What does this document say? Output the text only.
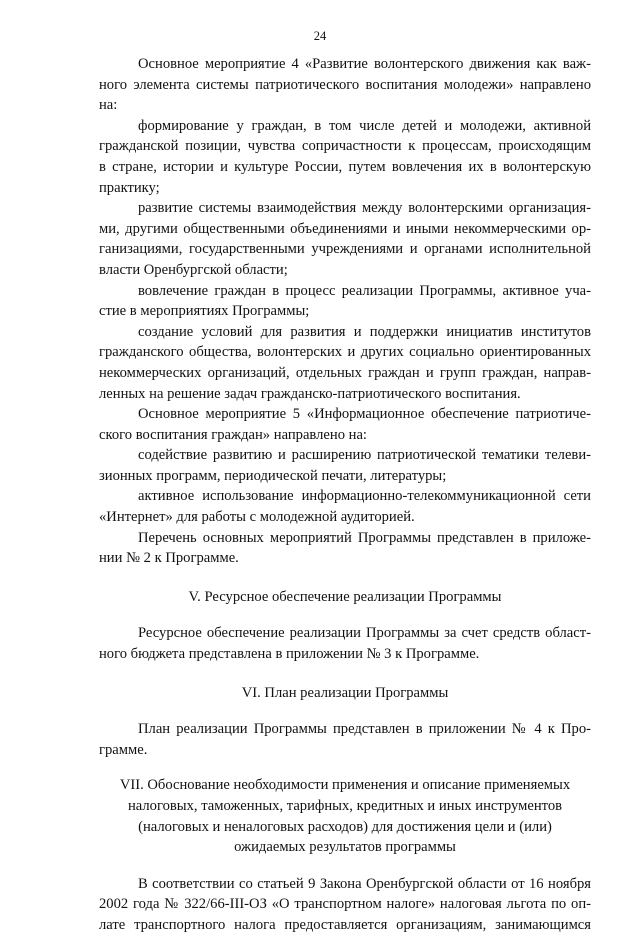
24
Основное мероприятие 4 «Развитие волонтерского движения как важ-
ного элемента системы патриотического воспитания молодежи» направлено
на:
формирование у граждан, в том числе детей и молодежи, активной
гражданской позиции, чувства сопричастности к процессам, происходящим
в стране, истории и культуре России, путем вовлечения их в волонтерскую
практику;
развитие системы взаимодействия между волонтерскими организация-
ми, другими общественными объединениями и иными некоммерческими ор-
ганизациями, государственными учреждениями и органами исполнительной
власти Оренбургской области;
вовлечение граждан в процесс реализации Программы, активное уча-
стие в мероприятиях Программы;
создание условий для развития и поддержки инициатив институтов
гражданского общества, волонтерских и других социально ориентированных
некоммерческих организаций, отдельных граждан и групп граждан, направ-
ленных на решение задач гражданско-патриотического воспитания.
Основное мероприятие 5 «Информационное обеспечение патриотиче-
ского воспитания граждан» направлено на:
содействие развитию и расширению патриотической тематики телеви-
зионных программ, периодической печати, литературы;
активное использование информационно-телекоммуникационной сети
«Интернет» для работы с молодежной аудиторией.
Перечень основных мероприятий Программы представлен в приложе-
нии № 2 к Программе.

V. Ресурсное обеспечение реализации Программы

Ресурсное обеспечение реализации Программы за счет средств област-
ного бюджета представлена в приложении № 3 к Программе.

VI. План реализации Программы

План реализации Программы представлен в приложении № 4 к Про-
грамме.
VII. Обоснование необходимости применения и описание применяемых
налоговых, таможенных, тарифных, кредитных и иных инструментов
(налоговых и неналоговых расходов) для достижения цели и (или)
ожидаемых результатов программы
В соответствии со статьей 9 Закона Оренбургской области от 16 ноября
2002 года № 322/66-III-ОЗ «О транспортном налоге» налоговая льгота по оп-
лате транспортного налога предоставляется организациям, занимающимся
